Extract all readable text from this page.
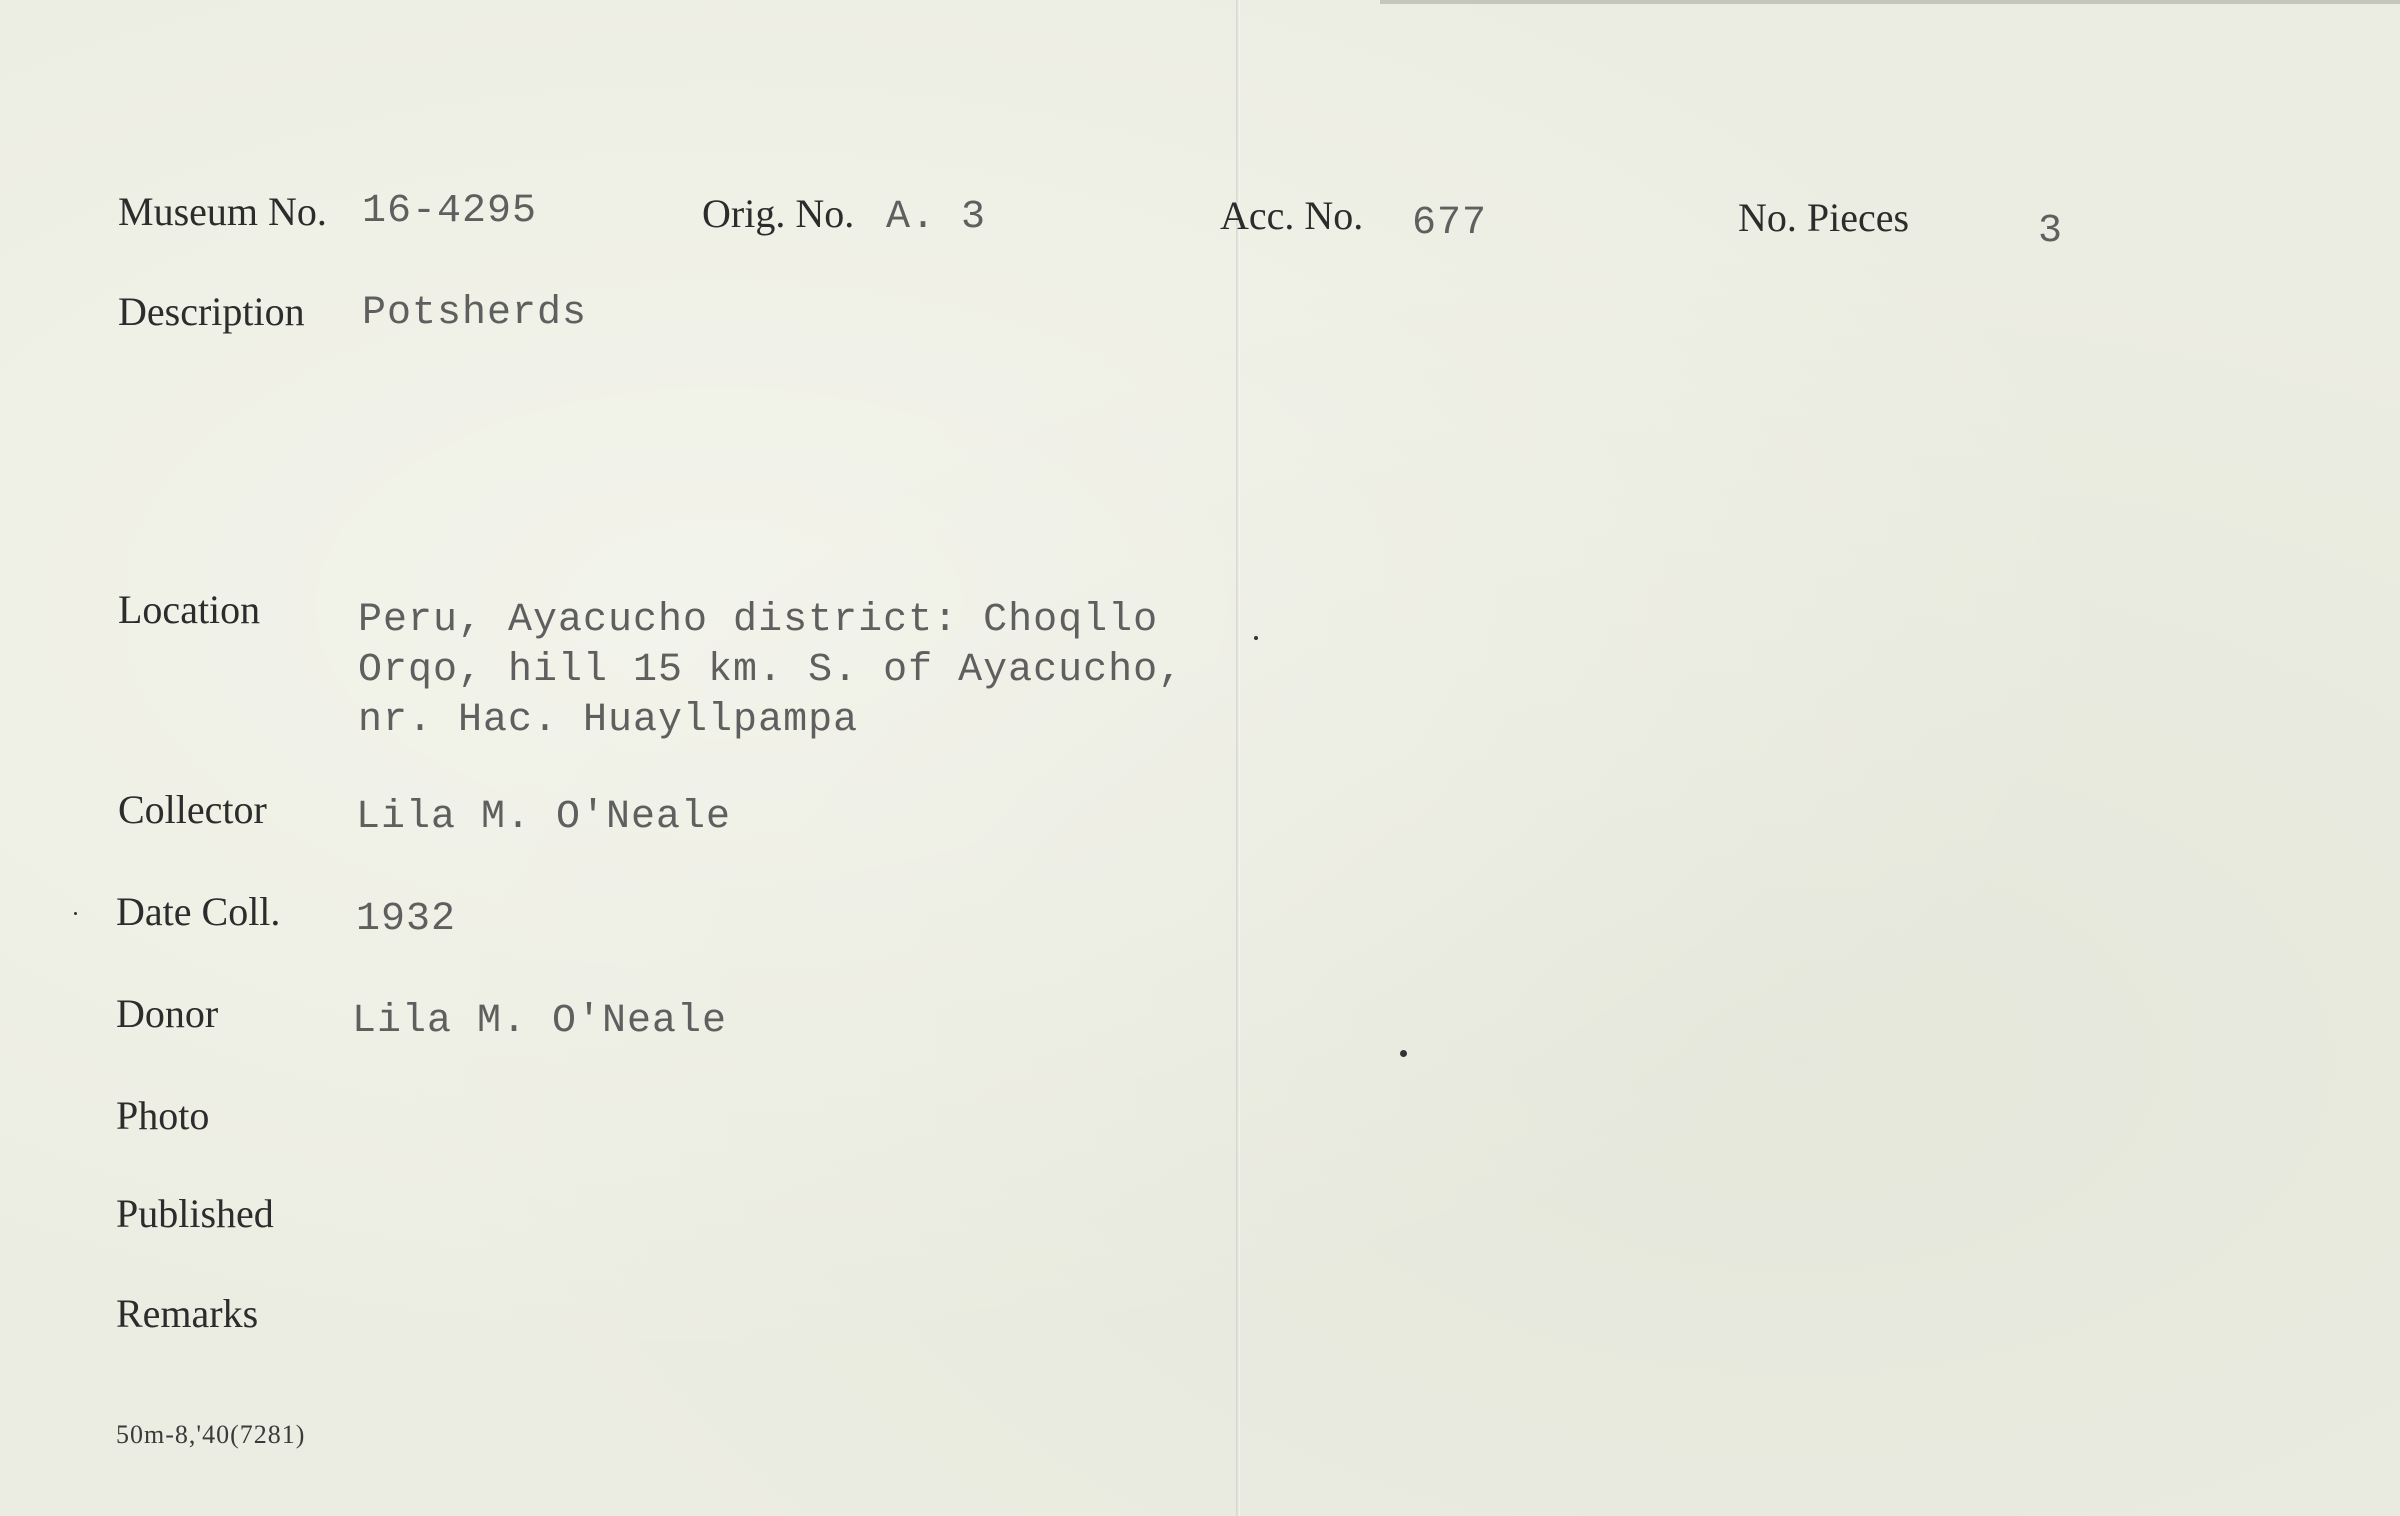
Museum No. 16-4295	Orig. No. A. 3	Acc. No. 677	No. Pieces	3
Description Potsherds
Location Peru, Ayacucho district: Choqllo
Orqo, hill 15 km. S. of Ayacucho,
nr. Hac. Huayllpampa
Collector Lila M. O'Neale
Date Coll. 1932
Donor	Lila M. O'Neale
Photo
Published
Remarks
50m-8,'40(7281)
